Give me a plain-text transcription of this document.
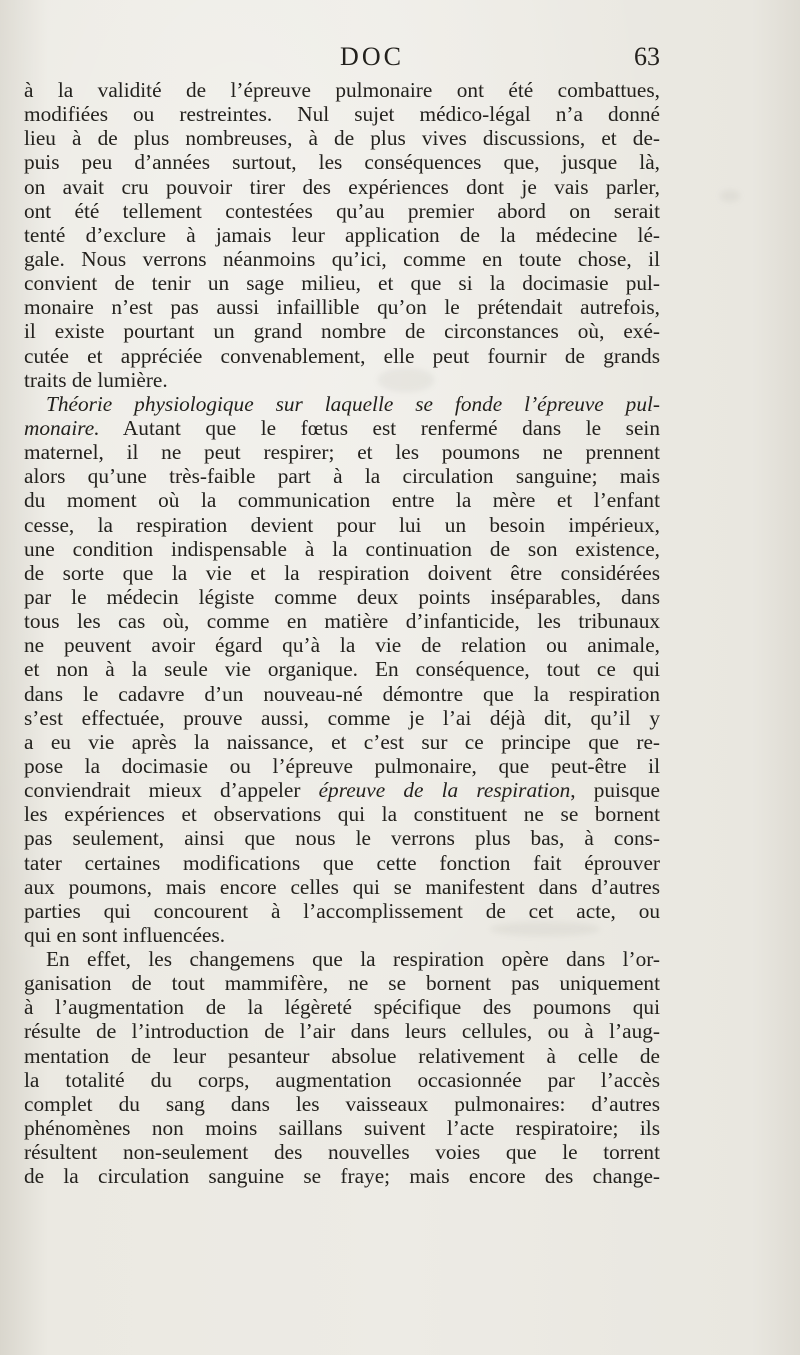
DOC	63
à la validité de l’épreuve pulmonaire ont été combattues,
modifiées ou restreintes. Nul sujet médico-légal n’a donné
lieu à de plus nombreuses, à de plus vives discussions, et de-
puis peu d’années surtout, les conséquences que, jusque là,
on avait cru pouvoir tirer des expériences dont je vais parler,
ont été tellement contestées qu’au premier abord on serait
tenté d’exclure à jamais leur application de la médecine lé-
gale. Nous verrons néanmoins qu’ici, comme en toute chose, il
convient de tenir un sage milieu, et que si la docimasie pul-
monaire n’est pas aussi infaillible qu’on le prétendait autrefois,
il existe pourtant un grand nombre de circonstances où, exé-
cutée et appréciée convenablement, elle peut fournir de grands
traits de lumière.
Théorie physiologique sur laquelle se fonde l’épreuve pul-
monaire. Autant que le fœtus est renfermé dans le sein
maternel, il ne peut respirer; et les poumons ne prennent
alors qu’une très-faible part à la circulation sanguine; mais
du moment où la communication entre la mère et l’enfant
cesse, la respiration devient pour lui un besoin impérieux,
une condition indispensable à la continuation de son existence,
de sorte que la vie et la respiration doivent être considérées
par le médecin légiste comme deux points inséparables, dans
tous les cas où, comme en matière d’infanticide, les tribunaux
ne peuvent avoir égard qu’à la vie de relation ou animale,
et non à la seule vie organique. En conséquence, tout ce qui
dans le cadavre d’un nouveau-né démontre que la respiration
s’est effectuée, prouve aussi, comme je l’ai déjà dit, qu’il y
a eu vie après la naissance, et c’est sur ce principe que re-
pose la docimasie ou l’épreuve pulmonaire, que peut-être il
conviendrait mieux d’appeler épreuve de la respiration, puisque
les expériences et observations qui la constituent ne se bornent
pas seulement, ainsi que nous le verrons plus bas, à cons-
tater certaines modifications que cette fonction fait éprouver
aux poumons, mais encore celles qui se manifestent dans d’autres
parties qui concourent à l’accomplissement de cet acte, ou
qui en sont influencées.
En effet, les changemens que la respiration opère dans l’or-
ganisation de tout mammifère, ne se bornent pas uniquement
à l’augmentation de la légèreté spécifique des poumons qui
résulte de l’introduction de l’air dans leurs cellules, ou à l’aug-
mentation de leur pesanteur absolue relativement à celle de
la totalité du corps, augmentation occasionnée par l’accès
complet du sang dans les vaisseaux pulmonaires: d’autres
phénomènes non moins saillans suivent l’acte respiratoire; ils
résultent non-seulement des nouvelles voies que le torrent
de la circulation sanguine se fraye; mais encore des change-
